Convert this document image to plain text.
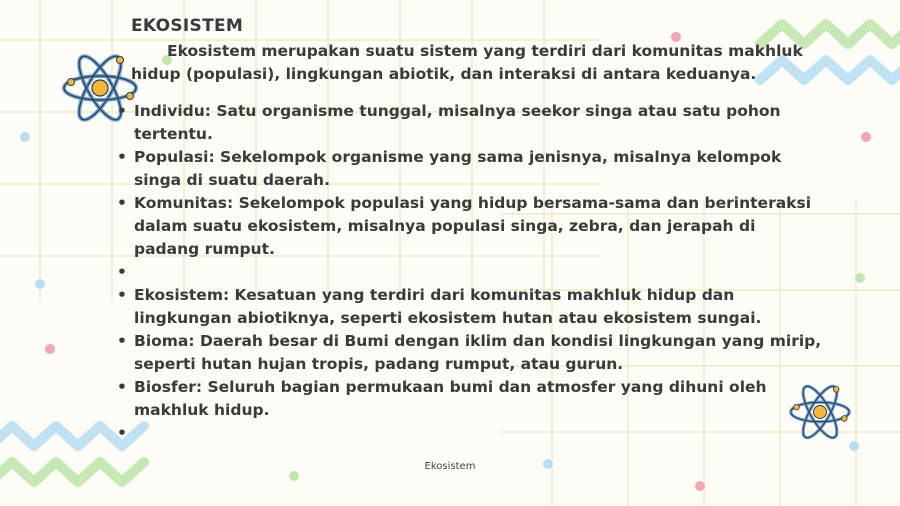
EKOSISTEM

Ekosistem merupakan suatu sistem yang terdiri dari komunitas makhluk hidup (populasi), lingkungan abiotik, dan interaksi di antara keduanya.

• Individu: Satu organisme tunggal, misalnya seekor singa atau satu pohon tertentu.
• Populasi: Sekelompok organisme yang sama jenisnya, misalnya kelompok singa di suatu daerah.
• Komunitas: Sekelompok populasi yang hidup bersama-sama dan berinteraksi dalam suatu ekosistem, misalnya populasi singa, zebra, dan jerapah di padang rumput.
•
• Ekosistem: Kesatuan yang terdiri dari komunitas makhluk hidup dan lingkungan abiotiknya, seperti ekosistem hutan atau ekosistem sungai.
• Bioma: Daerah besar di Bumi dengan iklim dan kondisi lingkungan yang mirip, seperti hutan hujan tropis, padang rumput, atau gurun.
• Biosfer: Seluruh bagian permukaan bumi dan atmosfer yang dihuni oleh makhluk hidup.
•
Ekosistem
